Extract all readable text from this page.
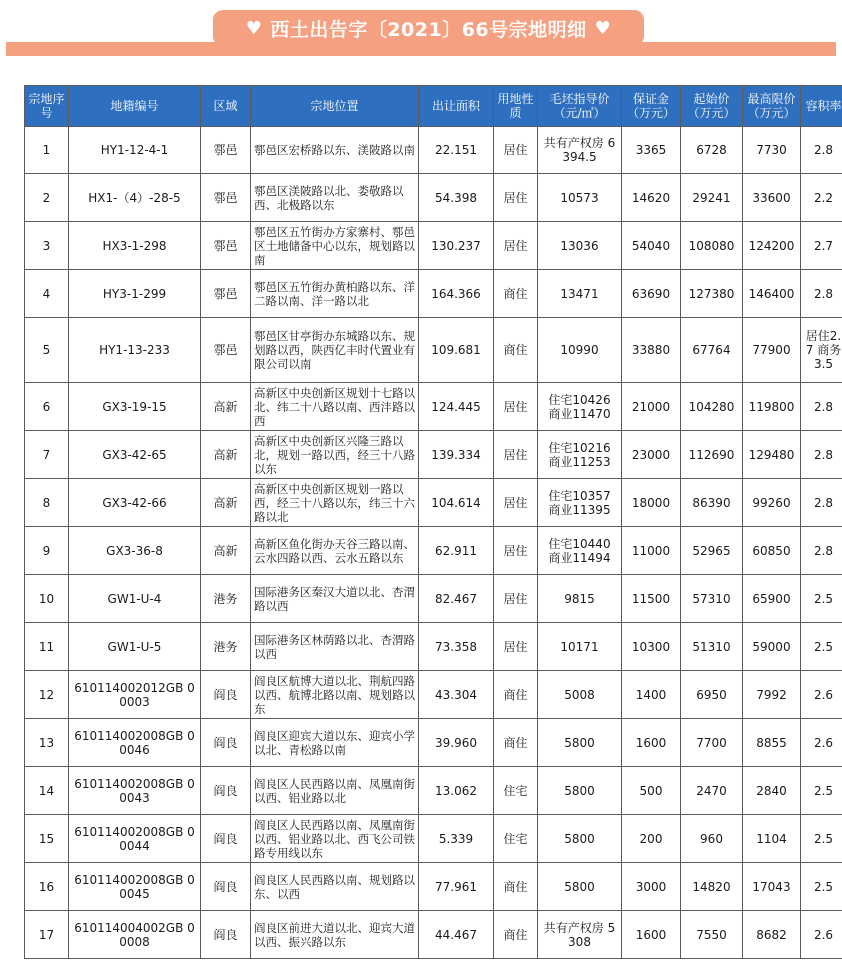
♥ 西土出告字〔2021〕66号宗地明细 ♥
宗地序号	地籍编号	区域	宗地位置	出让面积	用地性质	毛坯指导价（元/㎡）	保证金（万元）	起始价（万元）	最高限价（万元）	容积率
1	HY1-12-4-1	鄠邑	鄠邑区宏桥路以东、渼陂路以南	22.151	居住	共有产权房 6394.5	3365	6728	7730	2.8
2	HX1-（4）-28-5	鄠邑	鄠邑区渼陂路以北、娄敬路以西、北极路以东	54.398	居住	10573	14620	29241	33600	2.2
3	HX3-1-298	鄠邑	鄠邑区五竹街办方家寨村、鄠邑区土地储备中心以东，规划路以南	130.237	居住	13036	54040	108080	124200	2.7
4	HY3-1-299	鄠邑	鄠邑区五竹街办黄柏路以东、洋二路以南、洋一路以北	164.366	商住	13471	63690	127380	146400	2.8
5	HY1-13-233	鄠邑	鄠邑区甘亭街办东城路以东、规划路以西，陕西亿丰时代置业有限公司以南	109.681	商住	10990	33880	67764	77900	居住2.7 商务3.5
6	GX3-19-15	高新	高新区中央创新区规划十七路以北、纬二十八路以南、西沣路以西	124.445	居住	住宅10426 商业11470	21000	104280	119800	2.8
7	GX3-42-65	高新	高新区中央创新区兴隆三路以北，规划一路以西，经三十八路以东	139.334	居住	住宅10216 商业11253	23000	112690	129480	2.8
8	GX3-42-66	高新	高新区中央创新区规划一路以西，经三十八路以东，纬三十六路以北	104.614	居住	住宅10357 商业11395	18000	86390	99260	2.8
9	GX3-36-8	高新	高新区鱼化街办天谷三路以南、云水四路以西、云水五路以东	62.911	居住	住宅10440 商业11494	11000	52965	60850	2.8
10	GW1-U-4	港务	国际港务区秦汉大道以北、杏渭路以西	82.467	居住	9815	11500	57310	65900	2.5
11	GW1-U-5	港务	国际港务区林荫路以北、杏渭路以西	73.358	居住	10171	10300	51310	59000	2.5
12	610114002012GB 00003	阎良	阎良区航博大道以北、荆航四路以西、航博北路以南、规划路以东	43.304	商住	5008	1400	6950	7992	2.6
13	610114002008GB 00046	阎良	阎良区迎宾大道以东、迎宾小学以北、青松路以南	39.960	商住	5800	1600	7700	8855	2.6
14	610114002008GB 00043	阎良	阎良区人民西路以南、凤凰南街以西、铝业路以北	13.062	住宅	5800	500	2470	2840	2.5
15	610114002008GB 00044	阎良	阎良区人民西路以南、凤凰南街以西、铝业路以北、西飞公司铁路专用线以东	5.339	住宅	5800	200	960	1104	2.5
16	610114002008GB 00045	阎良	阎良区人民西路以南、规划路以东、以西	77.961	商住	5800	3000	14820	17043	2.5
17	610114004002GB 00008	阎良	阎良区前进大道以北、迎宾大道以西、振兴路以东	44.467	商住	共有产权房 5308	1600	7550	8682	2.6
